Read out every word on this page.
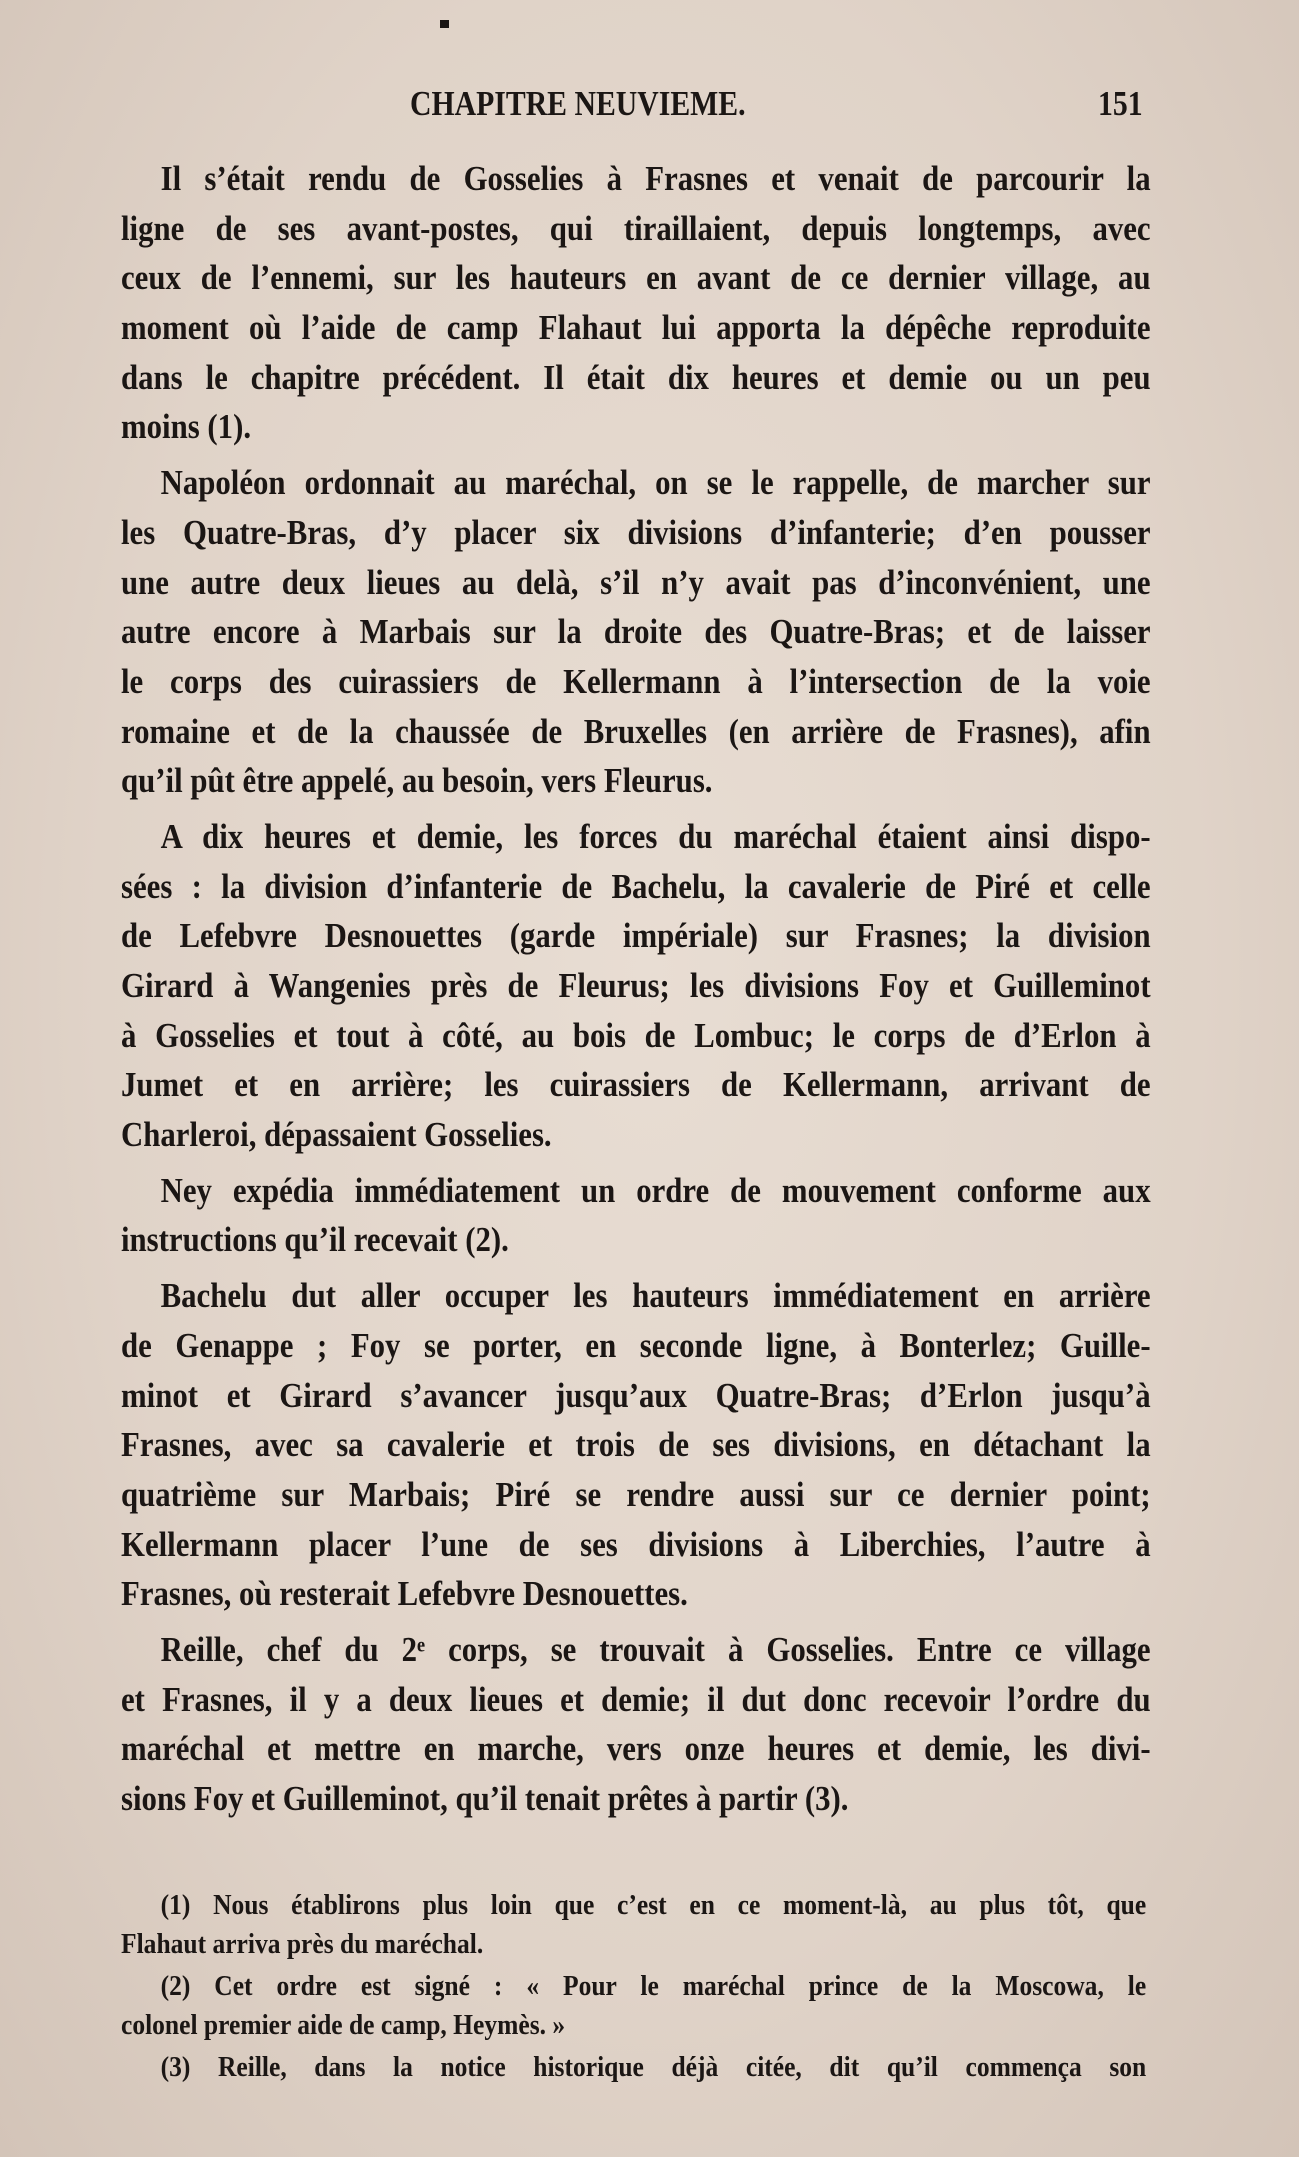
CHAPITRE NEUVIEME.	151
Il s’était rendu de Gosselies à Frasnes et venait de parcourir la
ligne de ses avant-postes, qui tiraillaient, depuis longtemps, avec
ceux de l’ennemi, sur les hauteurs en avant de ce dernier village, au
moment où l’aide de camp Flahaut lui apporta la dépêche reproduite
dans le chapitre précédent. Il était dix heures et demie ou un peu
moins (1).
Napoléon ordonnait au maréchal, on se le rappelle, de marcher sur
les Quatre-Bras, d’y placer six divisions d’infanterie; d’en pousser
une autre deux lieues au delà, s’il n’y avait pas d’inconvénient, une
autre encore à Marbais sur la droite des Quatre-Bras; et de laisser
le corps des cuirassiers de Kellermann à l’intersection de la voie
romaine et de la chaussée de Bruxelles (en arrière de Frasnes), afin
qu’il pût être appelé, au besoin, vers Fleurus.
A dix heures et demie, les forces du maréchal étaient ainsi dispo-
sées : la division d’infanterie de Bachelu, la cavalerie de Piré et celle
de Lefebvre Desnouettes (garde impériale) sur Frasnes; la division
Girard à Wangenies près de Fleurus; les divisions Foy et Guilleminot
à Gosselies et tout à côté, au bois de Lombuc; le corps de d’Erlon à
Jumet et en arrière; les cuirassiers de Kellermann, arrivant de
Charleroi, dépassaient Gosselies.
Ney expédia immédiatement un ordre de mouvement conforme aux
instructions qu’il recevait (2).
Bachelu dut aller occuper les hauteurs immédiatement en arrière
de Genappe ; Foy se porter, en seconde ligne, à Bonterlez; Guille-
minot et Girard s’avancer jusqu’aux Quatre-Bras; d’Erlon jusqu’à
Frasnes, avec sa cavalerie et trois de ses divisions, en détachant la
quatrième sur Marbais; Piré se rendre aussi sur ce dernier point;
Kellermann placer l’une de ses divisions à Liberchies, l’autre à
Frasnes, où resterait Lefebvre Desnouettes.
Reille, chef du 2ᵉ corps, se trouvait à Gosselies. Entre ce village
et Frasnes, il y a deux lieues et demie; il dut donc recevoir l’ordre du
maréchal et mettre en marche, vers onze heures et demie, les divi-
sions Foy et Guilleminot, qu’il tenait prêtes à partir (3).
(1) Nous établirons plus loin que c’est en ce moment-là, au plus tôt, que
Flahaut arriva près du maréchal.
(2) Cet ordre est signé : « Pour le maréchal prince de la Moscowa, le
colonel premier aide de camp, Heymès. »
(3) Reille, dans la notice historique déjà citée, dit qu’il commença son
